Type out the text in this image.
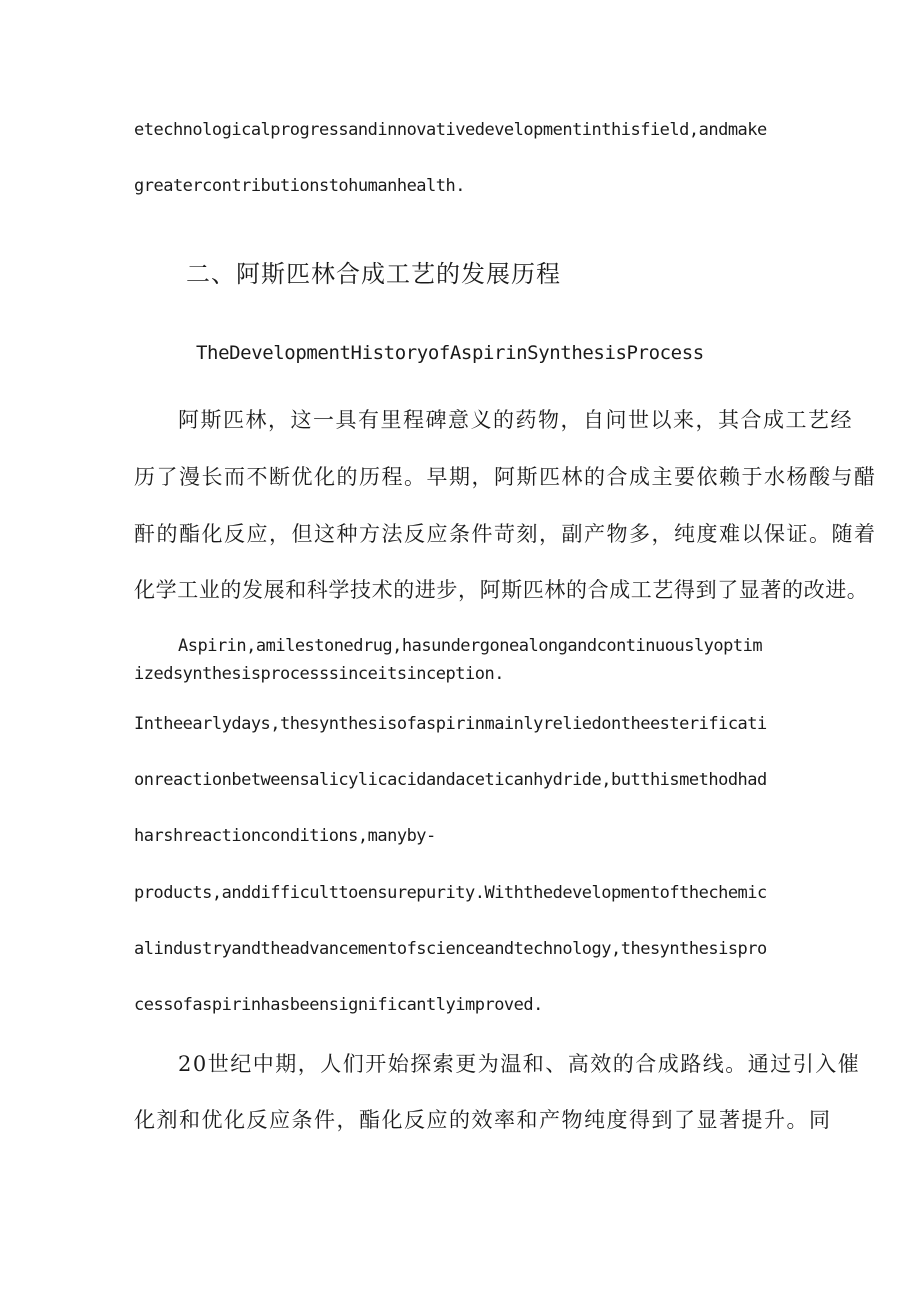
etechnologicalprogressandinnovativedevelopmentinthisfield,andmake

greatercontributionstohumanhealth.

二、阿斯匹林合成工艺的发展历程
TheDevelopmentHistoryofAspirinSynthesisProcess

阿斯匹林，这一具有里程碑意义的药物，自问世以来，其合成工艺经

历了漫长而不断优化的历程。早期，阿斯匹林的合成主要依赖于水杨酸与醋

酐的酯化反应，但这种方法反应条件苛刻，副产物多，纯度难以保证。随着

化学工业的发展和科学技术的进步，阿斯匹林的合成工艺得到了显著的改进。

Aspirin,amilestonedrug,hasundergonealongandcontinuouslyoptim

izedsynthesisprocesssinceitsinception.

Intheearlydays,thesynthesisofaspirinmainlyreliedontheesterificati

onreactionbetweensalicylicacidandaceticanhydride,butthismethodhad

harshreactionconditions,manyby-

products,anddifficulttoensurepurity.Withthedevelopmentofthechemic

alindustryandtheadvancementofscienceandtechnology,thesynthesispro

cessofaspirinhasbeensignificantlyimproved.

20世纪中期，人们开始探索更为温和、高效的合成路线。通过引入催

化剂和优化反应条件，酯化反应的效率和产物纯度得到了显著提升。同
